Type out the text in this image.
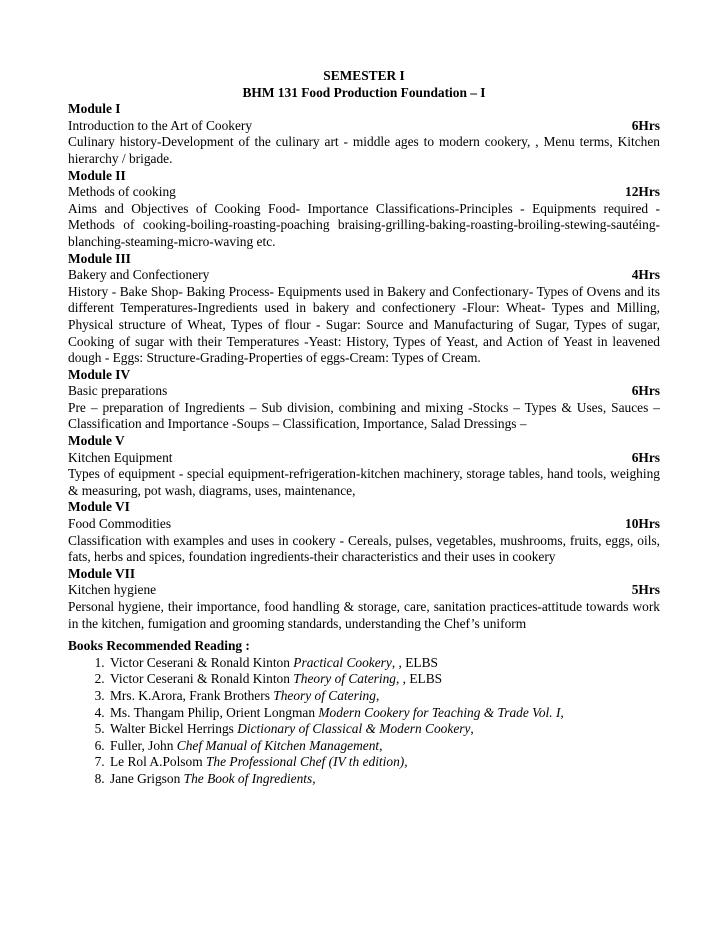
SEMESTER I
BHM 131 Food Production Foundation – I
Module I
Introduction to the Art of Cookery	6Hrs
Culinary history-Development of the culinary art - middle ages to modern cookery, , Menu terms, Kitchen hierarchy / brigade.
Module II
Methods of cooking	12Hrs
Aims and Objectives of Cooking Food- Importance Classifications-Principles - Equipments required - Methods of cooking-boiling-roasting-poaching braising-grilling-baking-roasting-broiling-stewing-sautéing-blanching-steaming-micro-waving etc.
Module III
Bakery and Confectionery	4Hrs
History - Bake Shop- Baking Process- Equipments used in Bakery and Confectionary- Types of Ovens and its different Temperatures-Ingredients used in bakery and confectionery -Flour: Wheat- Types and Milling, Physical structure of Wheat, Types of flour - Sugar: Source and Manufacturing of Sugar, Types of sugar, Cooking of sugar with their Temperatures -Yeast: History, Types of Yeast, and Action of Yeast in leavened dough - Eggs: Structure-Grading-Properties of eggs-Cream: Types of Cream.
Module IV
Basic preparations	6Hrs
Pre – preparation of Ingredients – Sub division, combining and mixing -Stocks – Types & Uses, Sauces – Classification and Importance -Soups – Classification, Importance, Salad Dressings –
Module V
Kitchen Equipment	6Hrs
Types of equipment - special equipment-refrigeration-kitchen machinery, storage tables, hand tools, weighing & measuring, pot wash, diagrams, uses, maintenance,
Module VI
Food Commodities	10Hrs
Classification with examples and uses in cookery - Cereals, pulses, vegetables, mushrooms, fruits, eggs, oils, fats, herbs and spices, foundation ingredients-their characteristics and their uses in cookery
Module VII
Kitchen hygiene	5Hrs
Personal hygiene, their importance, food handling & storage, care, sanitation practices-attitude towards work in the kitchen, fumigation and grooming standards, understanding the Chef’s uniform
Books Recommended Reading :
1. Victor Ceserani & Ronald Kinton Practical Cookery, , ELBS
2. Victor Ceserani & Ronald Kinton Theory of Catering, , ELBS
3. Mrs. K.Arora, Frank Brothers Theory of Catering,
4. Ms. Thangam Philip, Orient Longman Modern Cookery for Teaching & Trade Vol. I,
5. Walter Bickel Herrings Dictionary of Classical & Modern Cookery,
6. Fuller, John Chef Manual of Kitchen Management,
7. Le Rol A.Polsom The Professional Chef (IV th edition),
8. Jane Grigson The Book of Ingredients,
